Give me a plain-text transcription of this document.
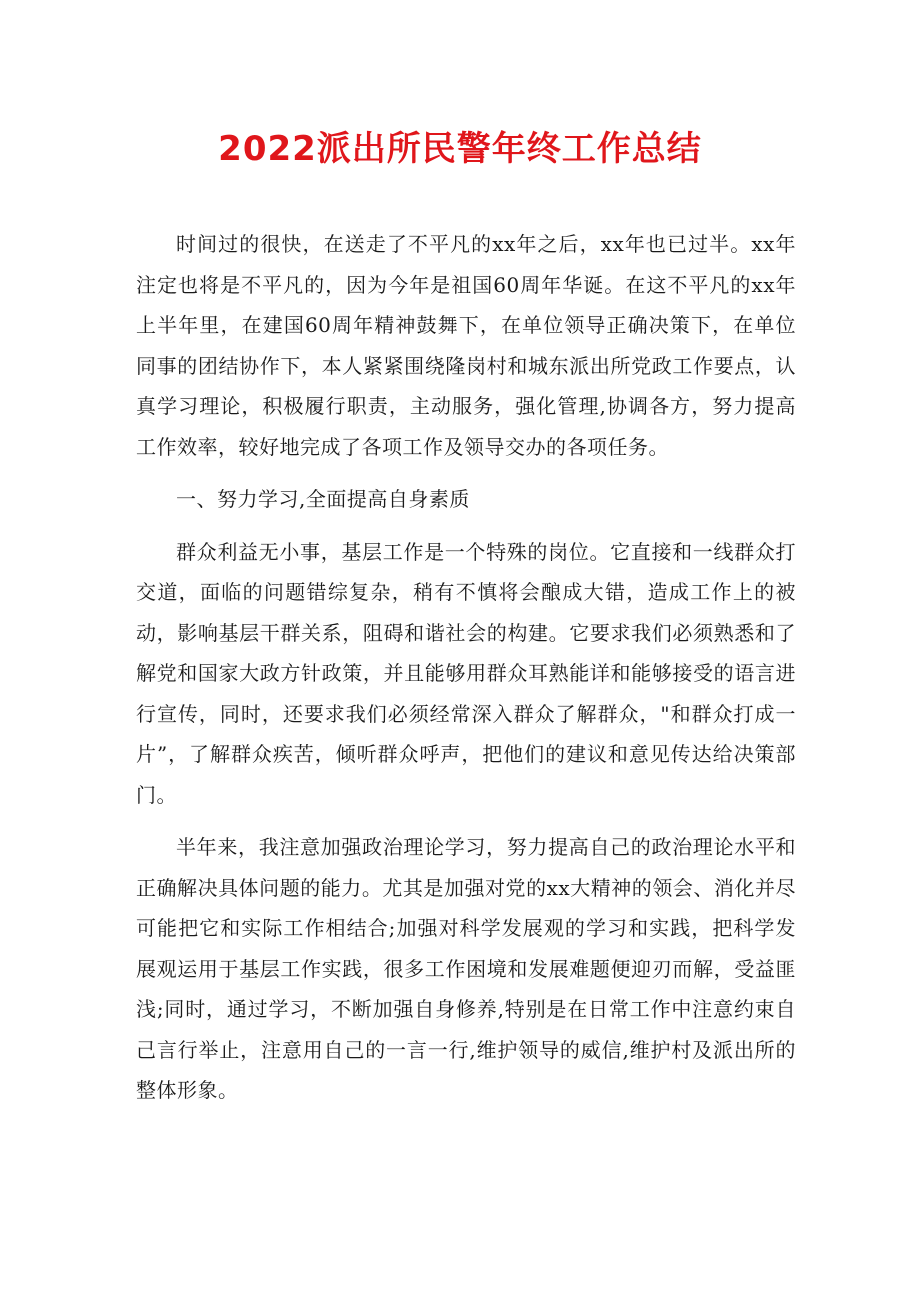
2022派出所民警年终工作总结

时间过的很快，在送走了不平凡的xx年之后，xx年也已过半。xx年注定也将是不平凡的，因为今年是祖国60周年华诞。在这不平凡的xx年上半年里，在建国60周年精神鼓舞下，在单位领导正确决策下，在单位同事的团结协作下，本人紧紧围绕隆岗村和城东派出所党政工作要点，认真学习理论，积极履行职责，主动服务，强化管理,协调各方，努力提高工作效率，较好地完成了各项工作及领导交办的各项任务。

一、努力学习,全面提高自身素质

群众利益无小事，基层工作是一个特殊的岗位。它直接和一线群众打交道，面临的问题错综复杂，稍有不慎将会酿成大错，造成工作上的被动，影响基层干群关系，阻碍和谐社会的构建。它要求我们必须熟悉和了解党和国家大政方针政策，并且能够用群众耳熟能详和能够接受的语言进行宣传，同时，还要求我们必须经常深入群众了解群众，"和群众打成一片”，了解群众疾苦，倾听群众呼声，把他们的建议和意见传达给决策部门。

半年来，我注意加强政治理论学习，努力提高自己的政治理论水平和正确解决具体问题的能力。尤其是加强对党的xx大精神的领会、消化并尽可能把它和实际工作相结合;加强对科学发展观的学习和实践，把科学发展观运用于基层工作实践，很多工作困境和发展难题便迎刃而解，受益匪浅;同时，通过学习，不断加强自身修养,特别是在日常工作中注意约束自己言行举止，注意用自己的一言一行,维护领导的威信,维护村及派出所的整体形象。
